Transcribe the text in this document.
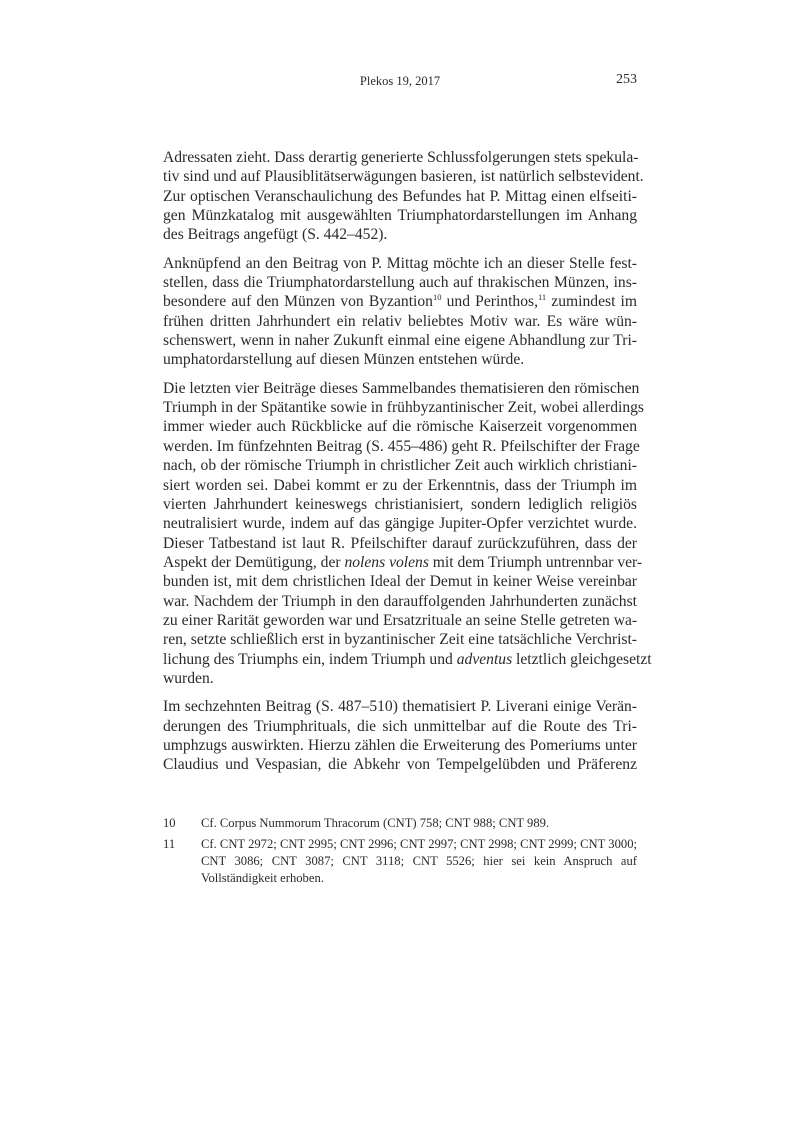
Plekos 19, 2017	253

Adressaten zieht. Dass derartig generierte Schlussfolgerungen stets spekula-
tiv sind und auf Plausiblitätserwägungen basieren, ist natürlich selbstevident.
Zur optischen Veranschaulichung des Befundes hat P. Mittag einen elfseiti-
gen Münzkatalog mit ausgewählten Triumphatordarstellungen im Anhang
des Beitrags angefügt (S. 442–452).

Anknüpfend an den Beitrag von P. Mittag möchte ich an dieser Stelle fest-
stellen, dass die Triumphatordarstellung auch auf thrakischen Münzen, ins-
besondere auf den Münzen von Byzantion$^{10}$ und Perinthos,$^{11}$ zumindest im
frühen dritten Jahrhundert ein relativ beliebtes Motiv war. Es wäre wün-
schenswert, wenn in naher Zukunft einmal eine eigene Abhandlung zur Tri-
umphatordarstellung auf diesen Münzen entstehen würde.

Die letzten vier Beiträge dieses Sammelbandes thematisieren den römischen
Triumph in der Spätantike sowie in frühbyzantinischer Zeit, wobei allerdings
immer wieder auch Rückblicke auf die römische Kaiserzeit vorgenommen
werden. Im fünfzehnten Beitrag (S. 455–486) geht R. Pfeilschifter der Frage
nach, ob der römische Triumph in christlicher Zeit auch wirklich christiani-
siert worden sei. Dabei kommt er zu der Erkenntnis, dass der Triumph im
vierten Jahrhundert keineswegs christianisiert, sondern lediglich religiös
neutralisiert wurde, indem auf das gängige Jupiter-Opfer verzichtet wurde.
Dieser Tatbestand ist laut R. Pfeilschifter darauf zurückzuführen, dass der
Aspekt der Demütigung, der nolens volens mit dem Triumph untrennbar ver-
bunden ist, mit dem christlichen Ideal der Demut in keiner Weise vereinbar
war. Nachdem der Triumph in den darauffolgenden Jahrhunderten zunächst
zu einer Rarität geworden war und Ersatzrituale an seine Stelle getreten wa-
ren, setzte schließlich erst in byzantinischer Zeit eine tatsächliche Verchrist-
lichung des Triumphs ein, indem Triumph und adventus letztlich gleichgesetzt
wurden.

Im sechzehnten Beitrag (S. 487–510) thematisiert P. Liverani einige Verän-
derungen des Triumphrituals, die sich unmittelbar auf die Route des Tri-
umphzugs auswirkten. Hierzu zählen die Erweiterung des Pomeriums unter
Claudius und Vespasian, die Abkehr von Tempelgelübden und Präferenz

10	Cf. Corpus Nummorum Thracorum (CNT) 758; CNT 988; CNT 989.
11	Cf. CNT 2972; CNT 2995; CNT 2996; CNT 2997; CNT 2998; CNT 2999; CNT 3000; CNT 3086; CNT 3087; CNT 3118; CNT 5526; hier sei kein Anspruch auf Vollständigkeit erhoben.
